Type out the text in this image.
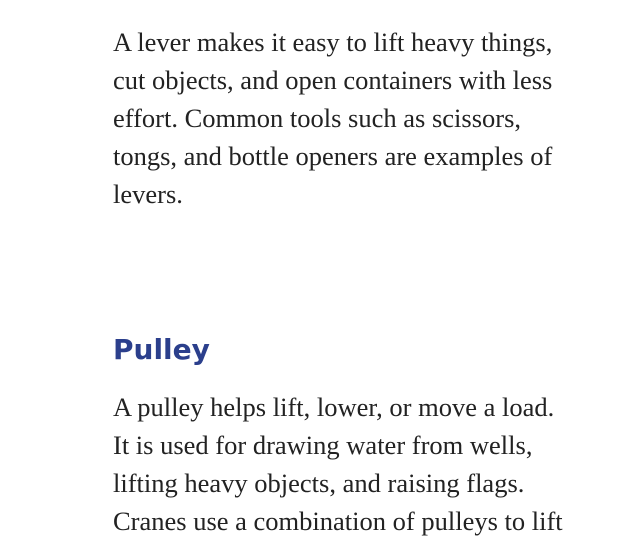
A lever makes it easy to lift heavy things,
cut objects, and open containers with less
effort. Common tools such as scissors,
tongs, and bottle openers are examples of
levers.

Pulley

A pulley helps lift, lower, or move a load.
It is used for drawing water from wells,
lifting heavy objects, and raising flags.
Cranes use a combination of pulleys to lift
